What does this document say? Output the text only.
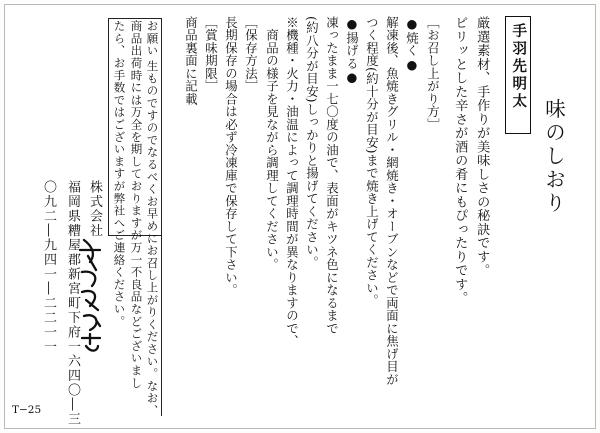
味のしおり
手羽先明太
厳選素材、手作りが美味しさの秘訣です。
ピリッとした辛さが酒の肴にもぴったりです。
［お召し上がり方］
●焼く●
解凍後、魚焼きグリル・網焼き・オーブンなどで両面に焦げ目が
つく程度(約十分が目安)まで焼き上げてください。
●揚げる●
凍ったまま一七〇度の油で、表面がキツネ色になるまで
(約八分が目安)しっかりと揚げてください。
※機種・火力・油温によって調理時間が異なりますので、
　商品の様子を見ながら調理してください。
［保存方法］
長期保存の場合は必ず冷凍庫で保存して下さい。
［賞味期限］
商品裏面に記載
お願い
生ものですのでなるべくお早めにお召し上がりください。なお、
商品出荷時には万全を期しておりますが万一不良品などございまし
たら、お手数ではございますが弊社へご連絡ください。
株式会社
福岡県糟屋郡新宮町下府一六四〇―三
〇九二―九四一―二二一一
T−25
